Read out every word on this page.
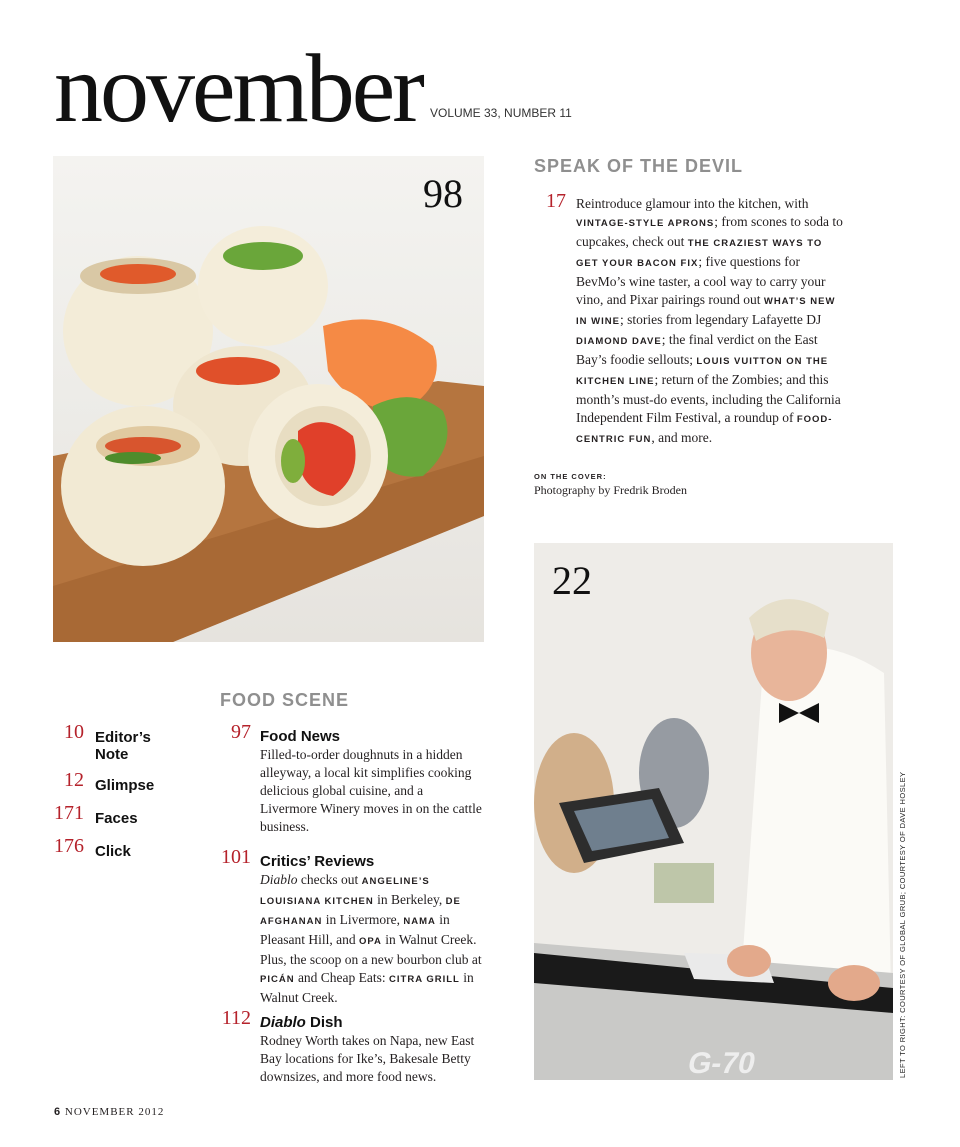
november VOLUME 33, NUMBER 11
98
SPEAK OF THE DEVIL
17 Reintroduce glamour into the kitchen, with VINTAGE-STYLE APRONS; from scones to soda to cupcakes, check out THE CRAZIEST WAYS TO GET YOUR BACON FIX; five questions for BevMo’s wine taster, a cool way to carry your vino, and Pixar pairings round out WHAT’S NEW IN WINE; stories from legendary Lafayette DJ DIAMOND DAVE; the final verdict on the East Bay’s foodie sellouts; LOUIS VUITTON ON THE KITCHEN LINE; return of the Zombies; and this month’s must-do events, including the California Independent Film Festival, a roundup of FOOD-CENTRIC FUN, and more.
ON THE COVER:
Photography by Fredrik Broden
G-70
22
LEFT TO RIGHT: COURTESY OF GLOBAL GRUB; COURTESY OF DAVE HOSLEY
10 Editor’s Note
12 Glimpse
171 Faces
176 Click
FOOD SCENE
97 Food News
Filled-to-order doughnuts in a hidden alleyway, a local kit simplifies cooking delicious global cuisine, and a Livermore Winery moves in on the cattle business.
101 Critics’ Reviews
Diablo checks out ANGELINE’S LOUISIANA KITCHEN in Berkeley, DE AFGHANAN in Livermore, NAMA in Pleasant Hill, and OPA in Walnut Creek. Plus, the scoop on a new bourbon club at PICÁN and Cheap Eats: CITRA GRILL in Walnut Creek.
112 Diablo Dish
Rodney Worth takes on Napa, new East Bay locations for Ike’s, Bakesale Betty downsizes, and more food news.
6 NOVEMBER 2012
